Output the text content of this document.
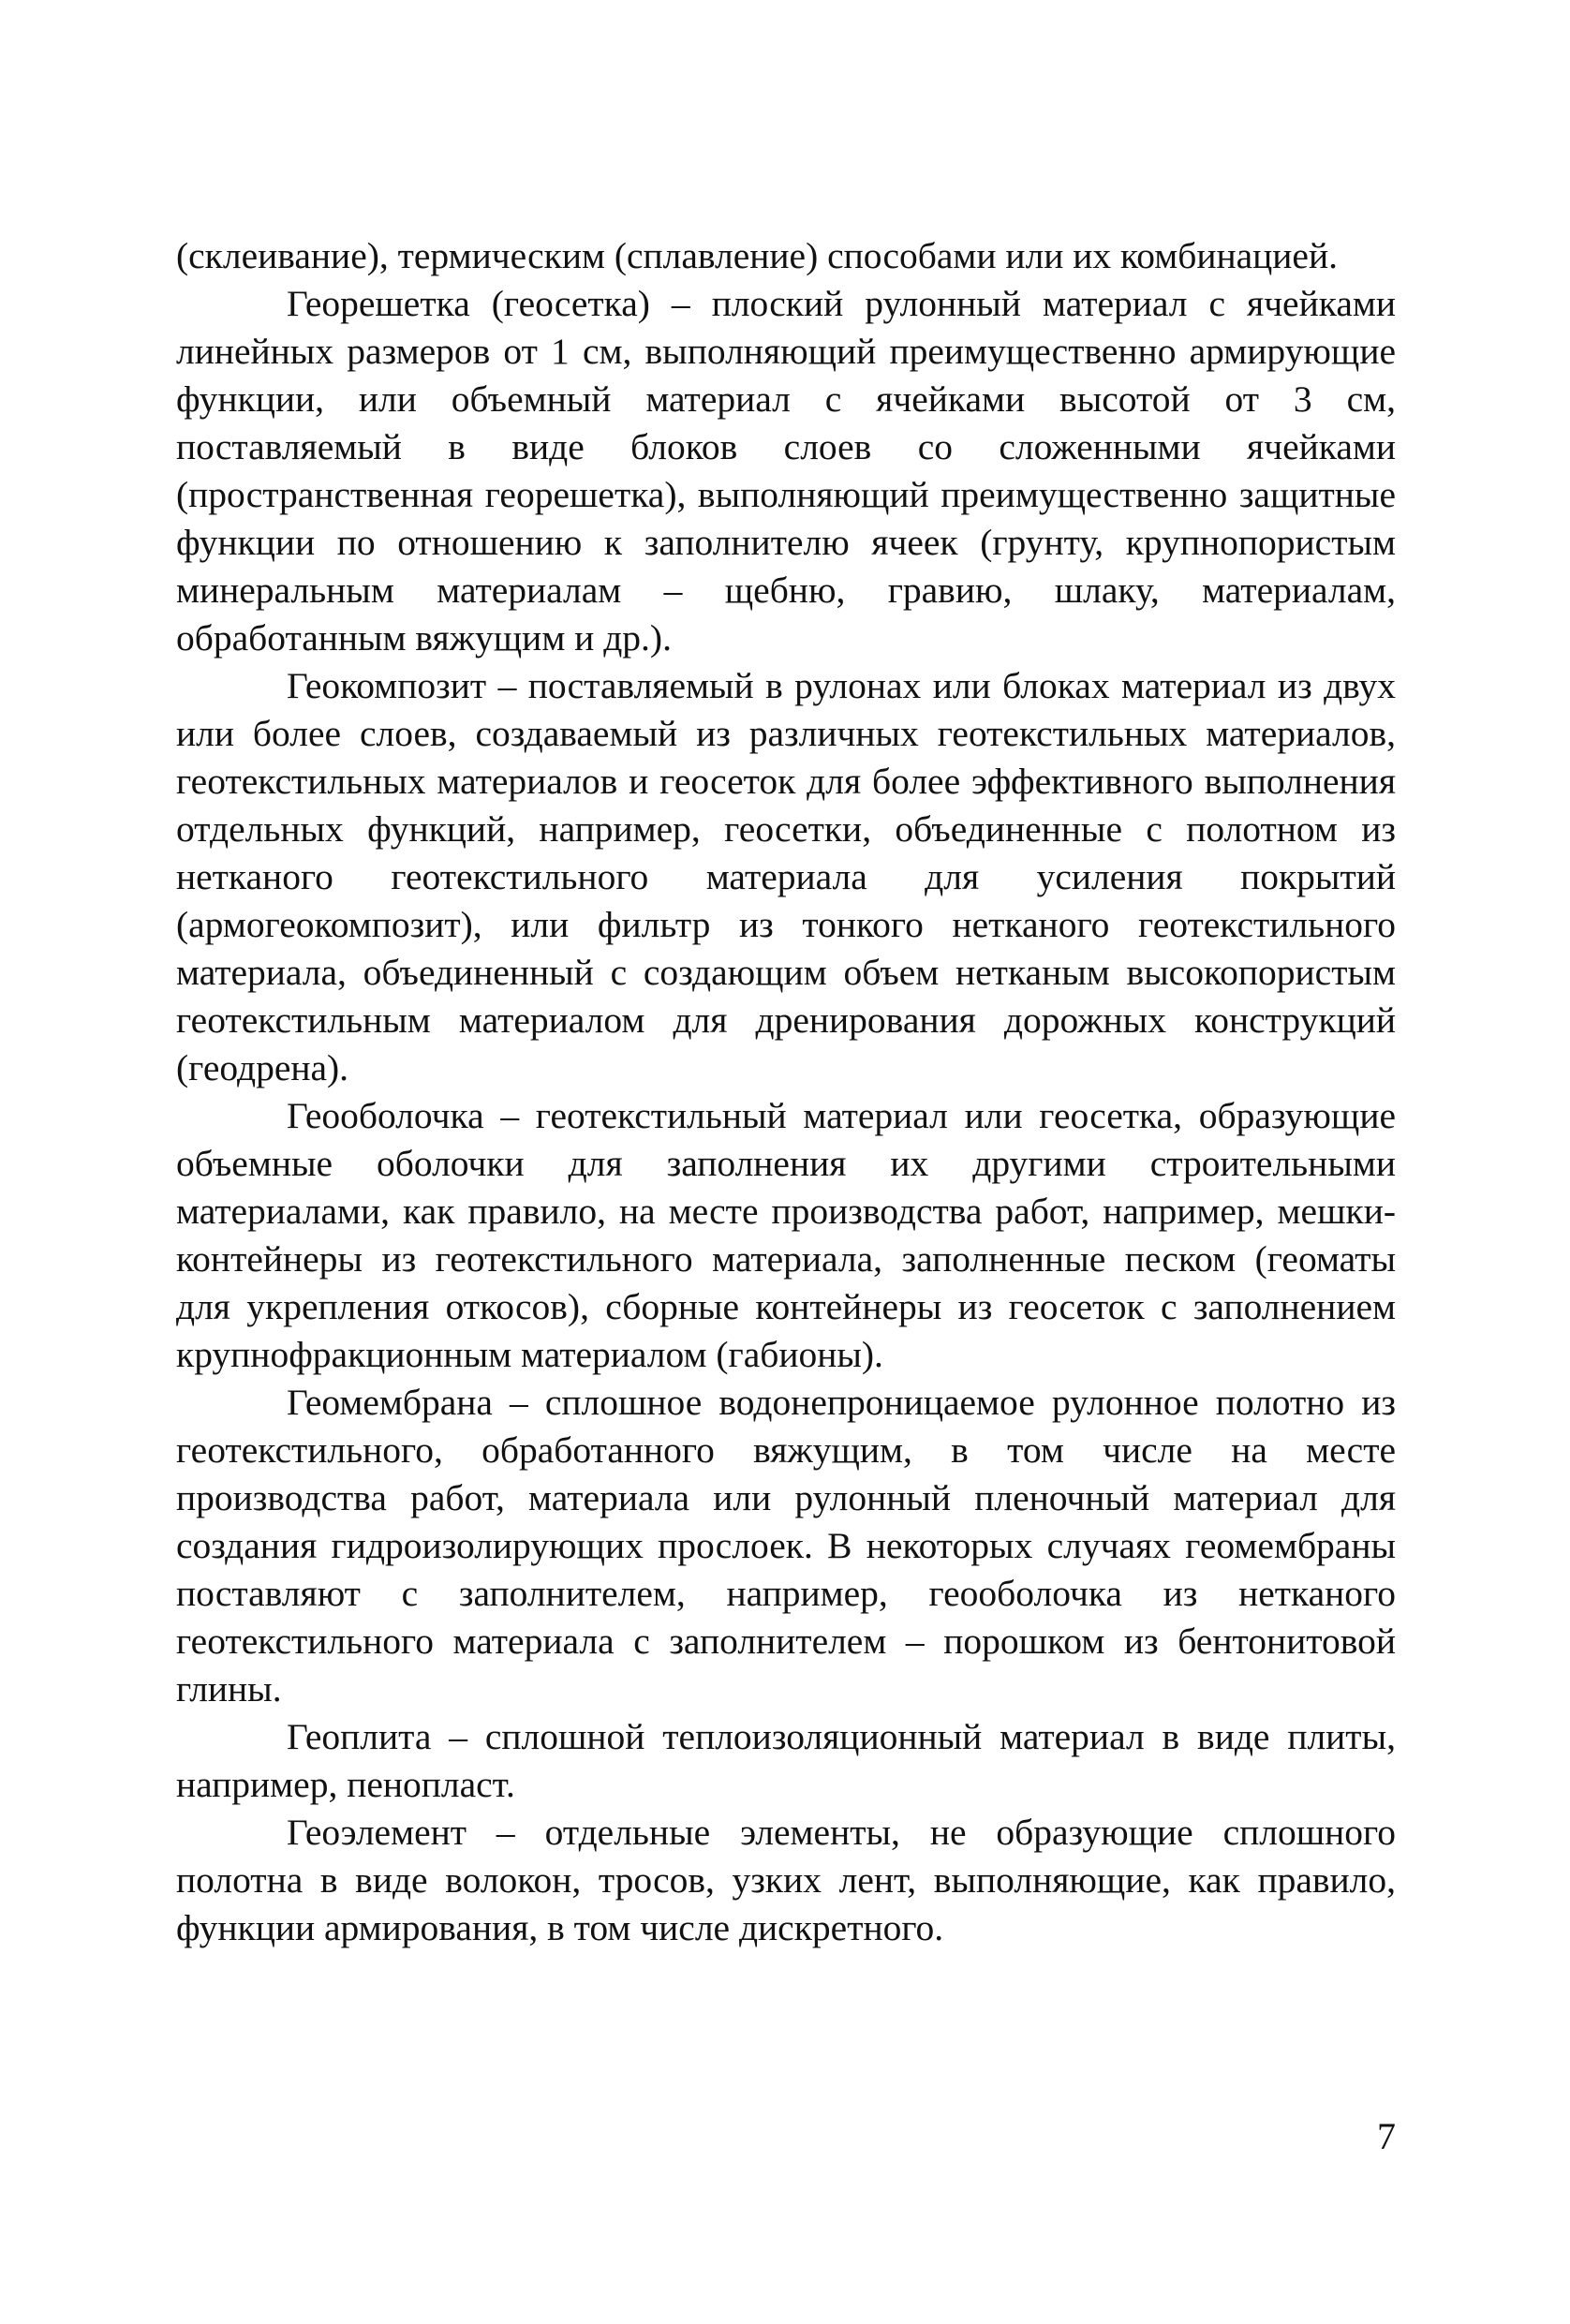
(склеивание), термическим (сплавление) способами или их комбинацией.

Георешетка (геосетка) – плоский рулонный материал с ячейками линейных размеров от 1 см, выполняющий преимущественно армирующие функции, или объемный материал с ячейками высотой от 3 см, поставляемый в виде блоков слоев со сложенными ячейками (пространственная георешетка), выполняющий преимущественно защитные функции по отношению к заполнителю ячеек (грунту, крупнопористым минеральным материалам – щебню, гравию, шлаку, материалам, обработанным вяжущим и др.).

Геокомпозит – поставляемый в рулонах или блоках материал из двух или более слоев, создаваемый из различных геотекстильных материалов, геотекстильных материалов и геосеток для более эффективного выполнения отдельных функций, например, геосетки, объединенные с полотном из нетканого геотекстильного материала для усиления покрытий (армогеокомпозит), или фильтр из тонкого нетканого геотекстильного материала, объединенный с создающим объем нетканым высокопористым геотекстильным материалом для дренирования дорожных конструкций (геодрена).

Геооболочка – геотекстильный материал или геосетка, образующие объемные оболочки для заполнения их другими строительными материалами, как правило, на месте производства работ, например, мешки-контейнеры из геотекстильного материала, заполненные песком (геоматы для укрепления откосов), сборные контейнеры из геосеток с заполнением крупнофракционным материалом (габионы).

Геомембрана – сплошное водонепроницаемое рулонное полотно из геотекстильного, обработанного вяжущим, в том числе на месте производства работ, материала или рулонный пленочный материал для создания гидроизолирующих прослоек. В некоторых случаях геомембраны поставляют с заполнителем, например, геооболочка из нетканого геотекстильного материала с заполнителем – порошком из бентонитовой глины.

Геоплита – сплошной теплоизоляционный материал в виде плиты, например, пенопласт.

Геоэлемент – отдельные элементы, не образующие сплошного полотна в виде волокон, тросов, узких лент, выполняющие, как правило, функции армирования, в том числе дискретного.

7
